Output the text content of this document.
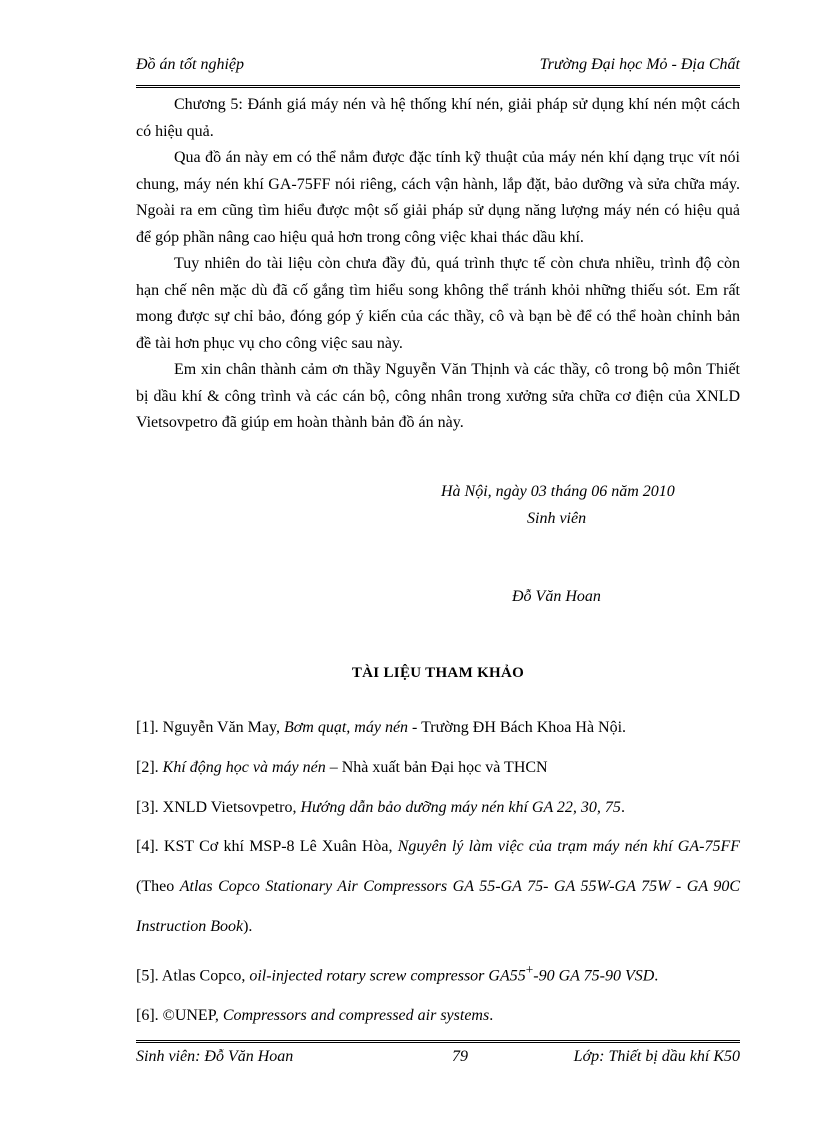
Đồ án tốt nghiệp	Trường Đại học Mỏ - Địa Chất

Chương 5: Đánh giá máy nén và hệ thống khí nén, giải pháp sử dụng khí nén một cách có hiệu quả.

Qua đồ án này em có thể nắm được đặc tính kỹ thuật của máy nén khí dạng trục vít nói chung, máy nén khí GA-75FF nói riêng, cách vận hành, lắp đặt, bảo dưỡng và sửa chữa máy. Ngoài ra em cũng tìm hiểu được một số giải pháp sử dụng năng lượng máy nén có hiệu quả để góp phần nâng cao hiệu quả hơn trong công việc khai thác dầu khí.

Tuy nhiên do tài liệu còn chưa đầy đủ, quá trình thực tế còn chưa nhiều, trình độ còn hạn chế nên mặc dù đã cố gắng tìm hiểu song không thể tránh khỏi những thiếu sót. Em rất mong được sự chỉ bảo, đóng góp ý kiến của các thầy, cô và bạn bè để có thể hoàn chỉnh bản đề tài hơn phục vụ cho công việc sau này.

Em xin chân thành cảm ơn thầy Nguyễn Văn Thịnh và các thầy, cô trong bộ môn Thiết bị dầu khí & công trình và các cán bộ, công nhân trong xưởng sửa chữa cơ điện của XNLD Vietsovpetro đã giúp em hoàn thành bản đồ án này.

Hà Nội, ngày 03 tháng 06 năm 2010
Sinh viên
Đỗ Văn Hoan
TÀI LIỆU THAM KHẢO

[1]. Nguyễn Văn May, Bơm quạt, máy nén - Trường ĐH Bách Khoa Hà Nội.

[2]. Khí động học và máy nén – Nhà xuất bản Đại học và THCN

[3]. XNLD Vietsovpetro, Hướng dẫn bảo dưỡng máy nén khí GA 22, 30, 75.

[4]. KST Cơ khí MSP-8 Lê Xuân Hòa, Nguyên lý làm việc của trạm máy nén khí GA-75FF (Theo Atlas Copco Stationary Air Compressors GA 55-GA 75- GA 55W-GA 75W - GA 90C Instruction Book).

[5]. Atlas Copco, oil-injected rotary screw compressor GA55+-90 GA 75-90 VSD.

[6]. ©UNEP, Compressors and compressed air systems.

Sinh viên: Đỗ Văn Hoan	79	Lớp: Thiết bị dầu khí K50
